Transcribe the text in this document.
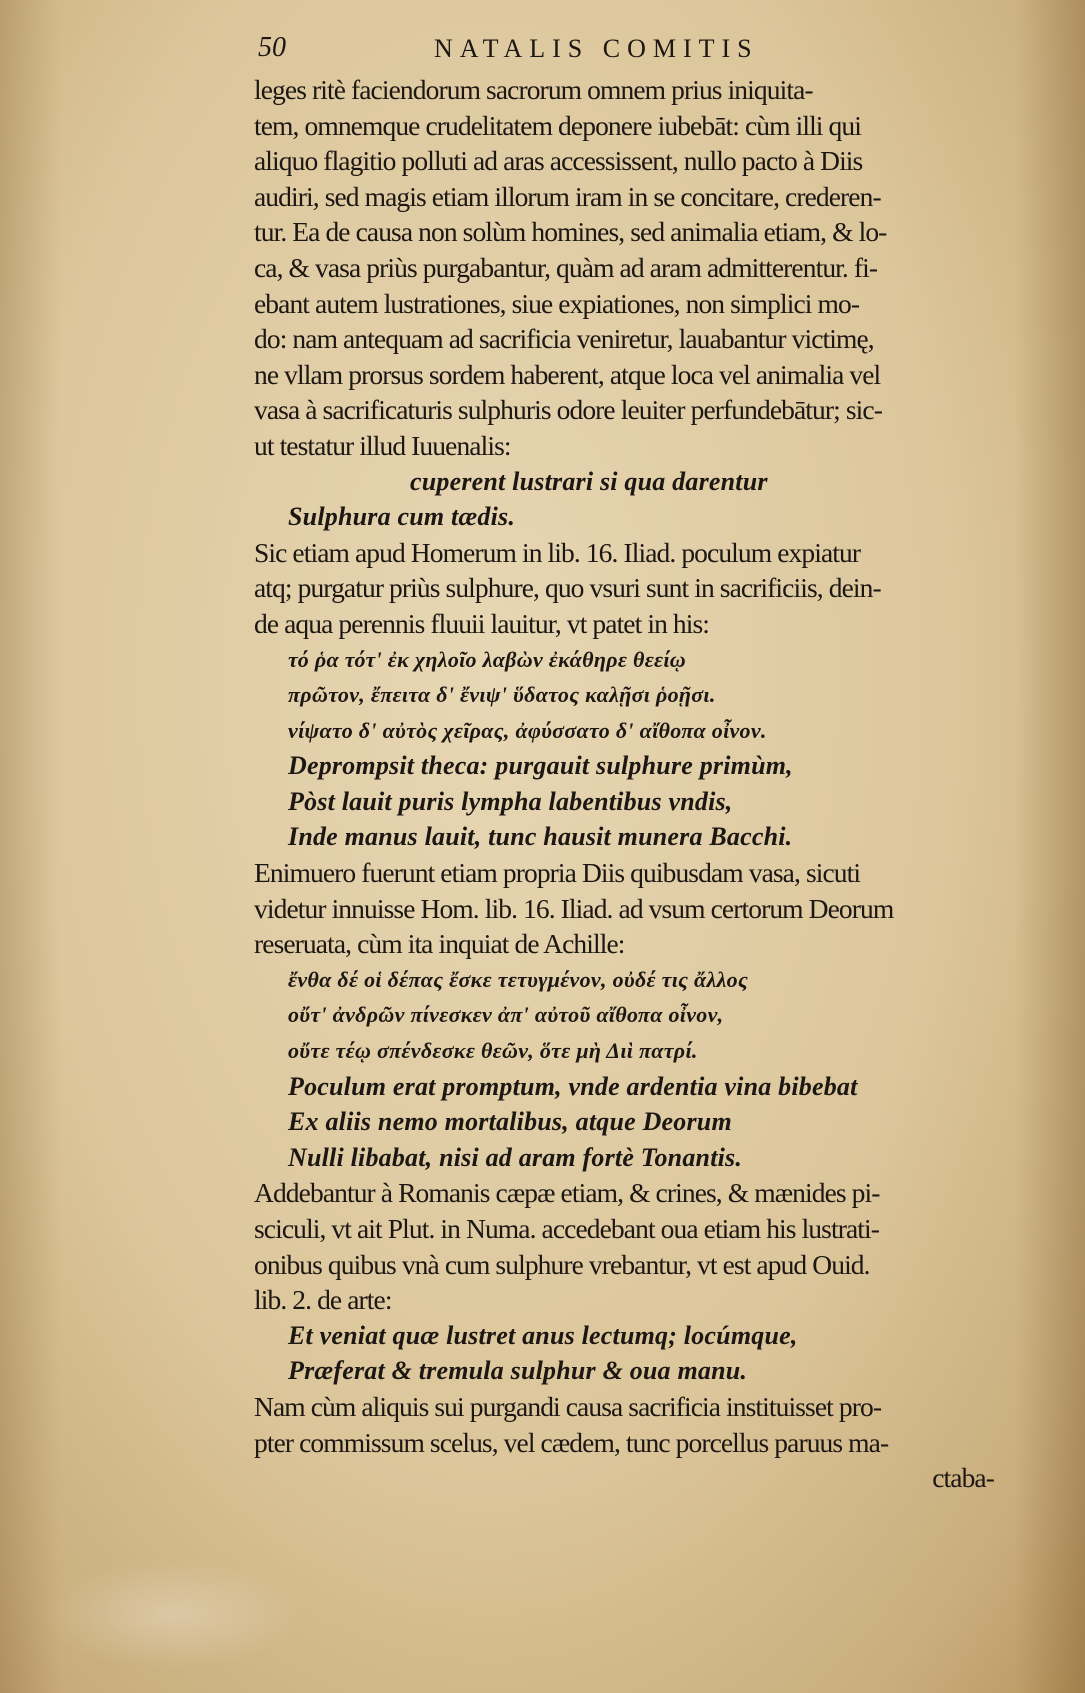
50	NATALIS COMITIS
leges ritè faciendorum sacrorum omnem prius iniquita-
tem, omnemque crudelitatem deponere iubebāt: cùm illi qui
aliquo flagitio polluti ad aras accessissent, nullo pacto à Diis
audiri, sed magis etiam illorum iram in se concitare, crederen-
tur. Ea de causa non solùm homines, sed animalia etiam, & lo-
ca, & vasa priùs purgabantur, quàm ad aram admitterentur. fi-
ebant autem lustrationes, siue expiationes, non simplici mo-
do: nam antequam ad sacrificia veniretur, lauabantur victimę,
ne vllam prorsus sordem haberent, atque loca vel animalia vel
vasa à sacrificaturis sulphuris odore leuiter perfundebātur; sic-
ut testatur illud Iuuenalis:
cuperent lustrari si qua darentur
Sulphura cum tædis.
Sic etiam apud Homerum in lib. 16. Iliad. poculum expiatur
atq; purgatur priùs sulphure, quo vsuri sunt in sacrificiis, dein-
de aqua perennis fluuii lauitur, vt patet in his:
τό ῥα τότ' ἐκ χηλοῖο λαβὼν ἐκάθηρε θεείῳ
πρῶτον, ἔπειτα δ' ἔνιψ' ὕδατος καλῇσι ῥοῇσι.
νίψατο δ' αὐτὸς χεῖρας, ἀφύσσατο δ' αἴθοπα οἶνον.
Deprompsit theca: purgauit sulphure primùm,
Pòst lauit puris lympha labentibus vndis,
Inde manus lauit, tunc hausit munera Bacchi.
Enimuero fuerunt etiam propria Diis quibusdam vasa, sicuti
videtur innuisse Hom. lib. 16. Iliad. ad vsum certorum Deorum
reseruata, cùm ita inquiat de Achille:
ἔνθα δέ οἱ δέπας ἔσκε τετυγμένον, οὐδέ τις ἄλλος
οὔτ' ἀνδρῶν πίνεσκεν ἀπ' αὐτοῦ αἴθοπα οἶνον,
οὔτε τέῳ σπένδεσκε θεῶν, ὅτε μὴ Διὶ πατρί.
Poculum erat promptum, vnde ardentia vina bibebat
Ex aliis nemo mortalibus, atque Deorum
Nulli libabat, nisi ad aram fortè Tonantis.
Addebantur à Romanis cæpæ etiam, & crines, & mænides pi-
sciculi, vt ait Plut. in Numa. accedebant oua etiam his lustrati-
onibus quibus vnà cum sulphure vrebantur, vt est apud Ouid.
lib. 2. de arte:
Et veniat quæ lustret anus lectumq; locúmque,
Præferat & tremula sulphur & oua manu.
Nam cùm aliquis sui purgandi causa sacrificia instituisset pro-
pter commissum scelus, vel cædem, tunc porcellus paruus ma-
ctaba-
